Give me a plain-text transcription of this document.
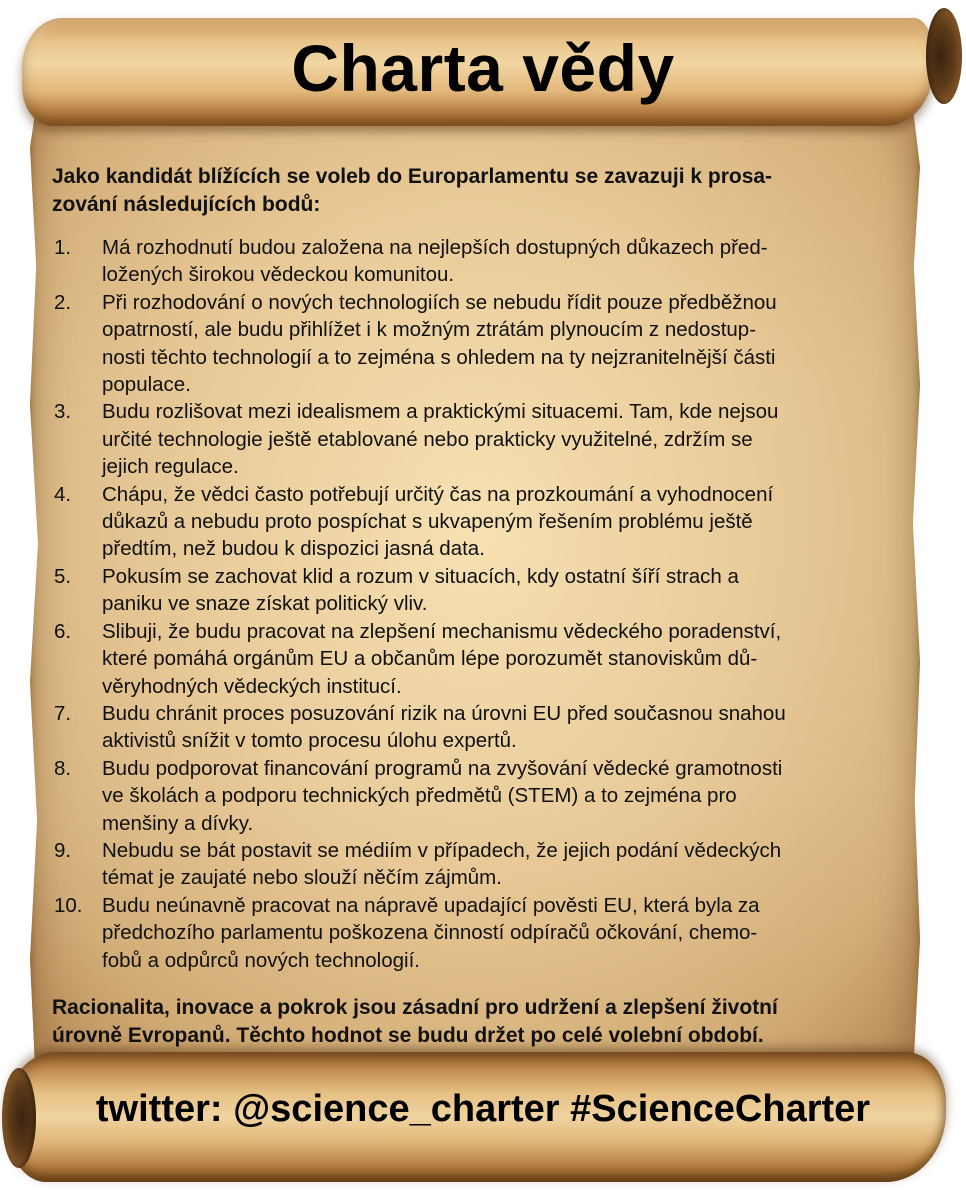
Charta vědy

Jako kandidát blížících se voleb do Europarlamentu se zavazuji k prosa-
zování následujících bodů:

1. Má rozhodnutí budou založena na nejlepších dostupných důkazech před-
ložených širokou vědeckou komunitou.
2. Při rozhodování o nových technologiích se nebudu řídit pouze předběžnou
opatrností, ale budu přihlížet i k možným ztrátám plynoucím z nedostup-
nosti těchto technologií a to zejména s ohledem na ty nejzranitelnější části
populace.
3. Budu rozlišovat mezi idealismem a praktickými situacemi. Tam, kde nejsou
určité technologie ještě etablované nebo prakticky využitelné, zdržím se
jejich regulace.
4. Chápu, že vědci často potřebují určitý čas na prozkoumání a vyhodnocení
důkazů a nebudu proto pospíchat s ukvapeným řešením problému ještě
předtím, než budou k dispozici jasná data.
5. Pokusím se zachovat klid a rozum v situacích, kdy ostatní šíří strach a
paniku ve snaze získat politický vliv.
6. Slibuji, že budu pracovat na zlepšení mechanismu vědeckého poradenství,
které pomáhá orgánům EU a občanům lépe porozumět stanoviskům dů-
věryhodných vědeckých institucí.
7. Budu chránit proces posuzování rizik na úrovni EU před současnou snahou
aktivistů snížit v tomto procesu úlohu expertů.
8. Budu podporovat financování programů na zvyšování vědecké gramotnosti
ve školách a podporu technických předmětů (STEM) a to zejména pro
menšiny a dívky.
9. Nebudu se bát postavit se médiím v případech, že jejich podání vědeckých
témat je zaujaté nebo slouží něčím zájmům.
10. Budu neúnavně pracovat na nápravě upadající pověsti EU, která byla za
předchozího parlamentu poškozena činností odpíračů očkování, chemo-
fobů a odpůrců nových technologií.

Racionalita, inovace a pokrok jsou zásadní pro udržení a zlepšení životní
úrovně Evropanů. Těchto hodnot se budu držet po celé volební období.

twitter: @science_charter #ScienceCharter
